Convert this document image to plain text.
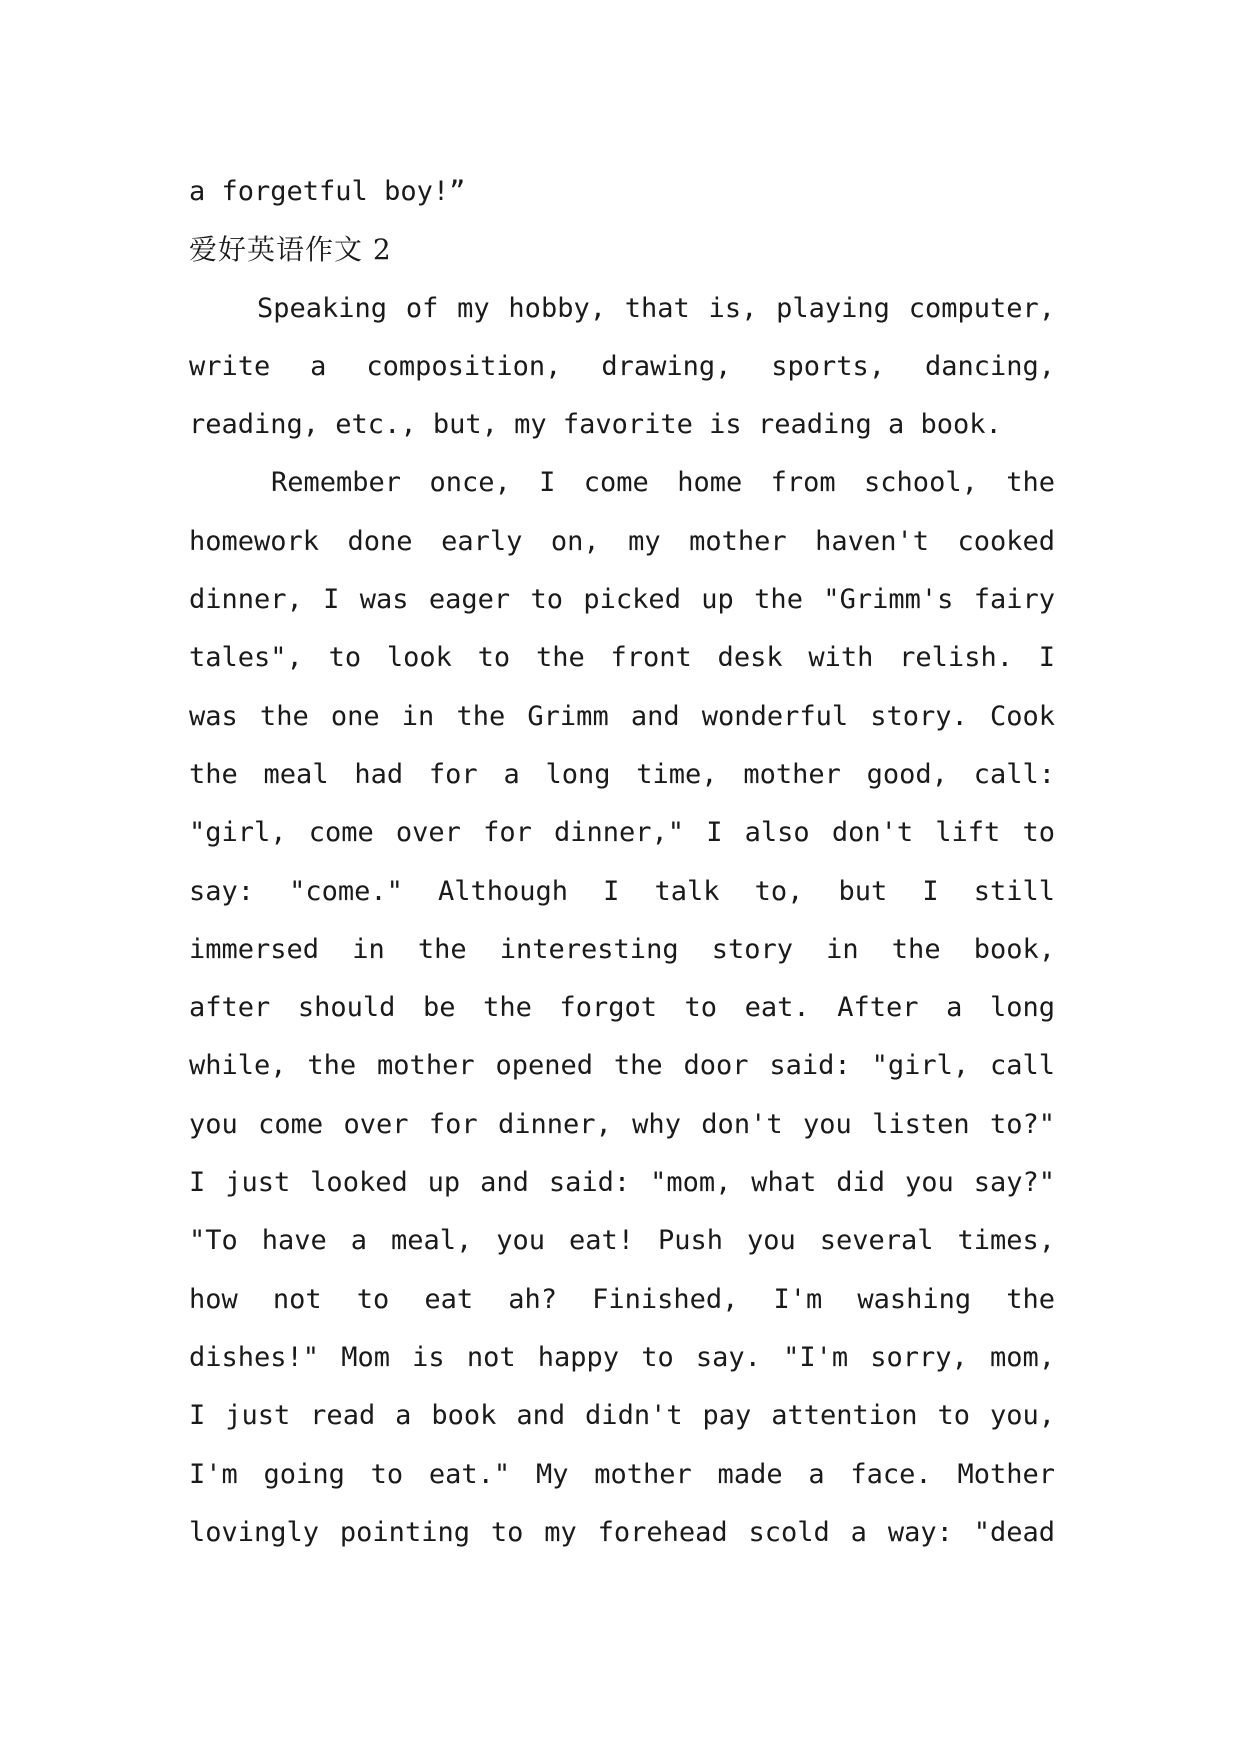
a forgetful boy!”
爱好英语作文 2
Speaking of my hobby, that is, playing computer,
write a composition, drawing, sports, dancing,
reading, etc., but, my favorite is reading a book.
Remember once, I come home from school, the
homework done early on, my mother haven't cooked
dinner, I was eager to picked up the "Grimm's fairy
tales", to look to the front desk with relish. I
was the one in the Grimm and wonderful story. Cook
the meal had for a long time, mother good, call:
"girl, come over for dinner," I also don't lift to
say: "come." Although I talk to, but I still
immersed in the interesting story in the book,
after should be the forgot to eat. After a long
while, the mother opened the door said: "girl, call
you come over for dinner, why don't you listen to?"
I just looked up and said: "mom, what did you say?"
"To have a meal, you eat! Push you several times,
how not to eat ah? Finished, I'm washing the
dishes!" Mom is not happy to say. "I'm sorry, mom,
I just read a book and didn't pay attention to you,
I'm going to eat." My mother made a face. Mother
lovingly pointing to my forehead scold a way: "dead
